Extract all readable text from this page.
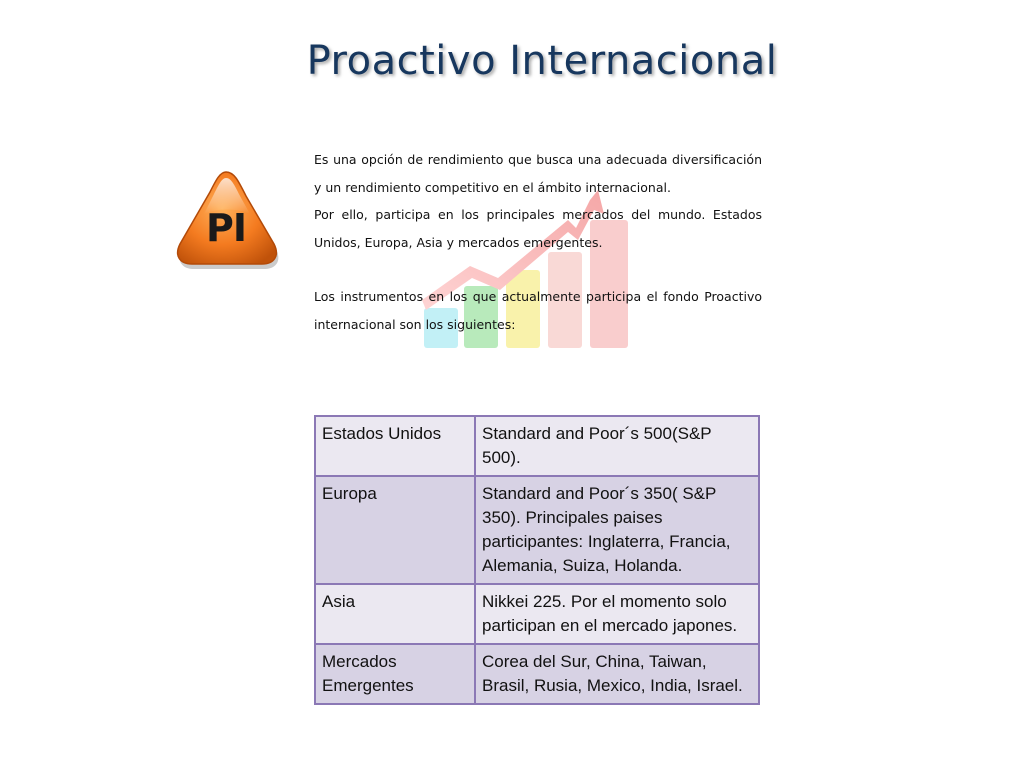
Proactivo Internacional
PI

Es una opción de rendimiento que busca una adecuada diversificación y un rendimiento competitivo en el ámbito internacional.

Por ello, participa en los principales mercados del mundo. Estados Unidos, Europa, Asia y mercados emergentes.

Los instrumentos en los que actualmente participa el fondo Proactivo internacional son los siguientes:

Estados Unidos	Standard and Poor´s 500(S&P 500).
Europa	Standard and Poor´s 350( S&P 350). Principales paises participantes: Inglaterra, Francia, Alemania, Suiza, Holanda.
Asia	Nikkei 225. Por el momento solo participan en el mercado japones.
Mercados Emergentes	Corea del Sur, China, Taiwan, Brasil, Rusia, Mexico, India, Israel.
